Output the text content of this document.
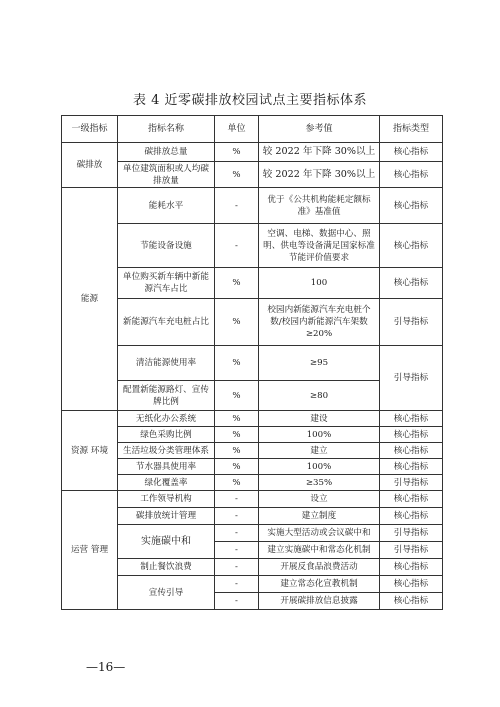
表 4 近零碳排放校园试点主要指标体系
一级指标	指标名称	单位	参考值	指标类型
碳排放	碳排放总量	%	较 2022 年下降 30%以上	核心指标
	单位建筑面积或人均碳排放量	%	较 2022 年下降 30%以上	核心指标
能源	能耗水平	-	优于《公共机构能耗定额标准》基准值	核心指标
	节能设备设施	-	空调、电梯、数据中心、照明、供电等设备满足国家标准节能评价值要求	核心指标
	单位购买新车辆中新能源汽车占比	%	100	核心指标
	新能源汽车充电桩占比	%	校园内新能源汽车充电桩个数/校园内新能源汽车架数≥20%	引导指标
	清洁能源使用率	%	≥95	引导指标
	配置新能源路灯、宣传牌比例	%	≥80	
资源 环境	无纸化办公系统	%	建设	核心指标
	绿色采购比例	%	100%	核心指标
	生活垃圾分类管理体系	%	建立	核心指标
	节水器具使用率	%	100%	核心指标
	绿化覆盖率	%	≥35%	引导指标
运营 管理	工作领导机构	-	设立	核心指标
	碳排放统计管理	-	建立制度	核心指标
	实施碳中和	-	实施大型活动或会议碳中和	引导指标
		-	建立实施碳中和常态化机制	引导指标
	制止餐饮浪费	-	开展反食品浪费活动	核心指标
	宣传引导	-	建立常态化宣教机制	核心指标
		-	开展碳排放信息披露	核心指标
—16—
